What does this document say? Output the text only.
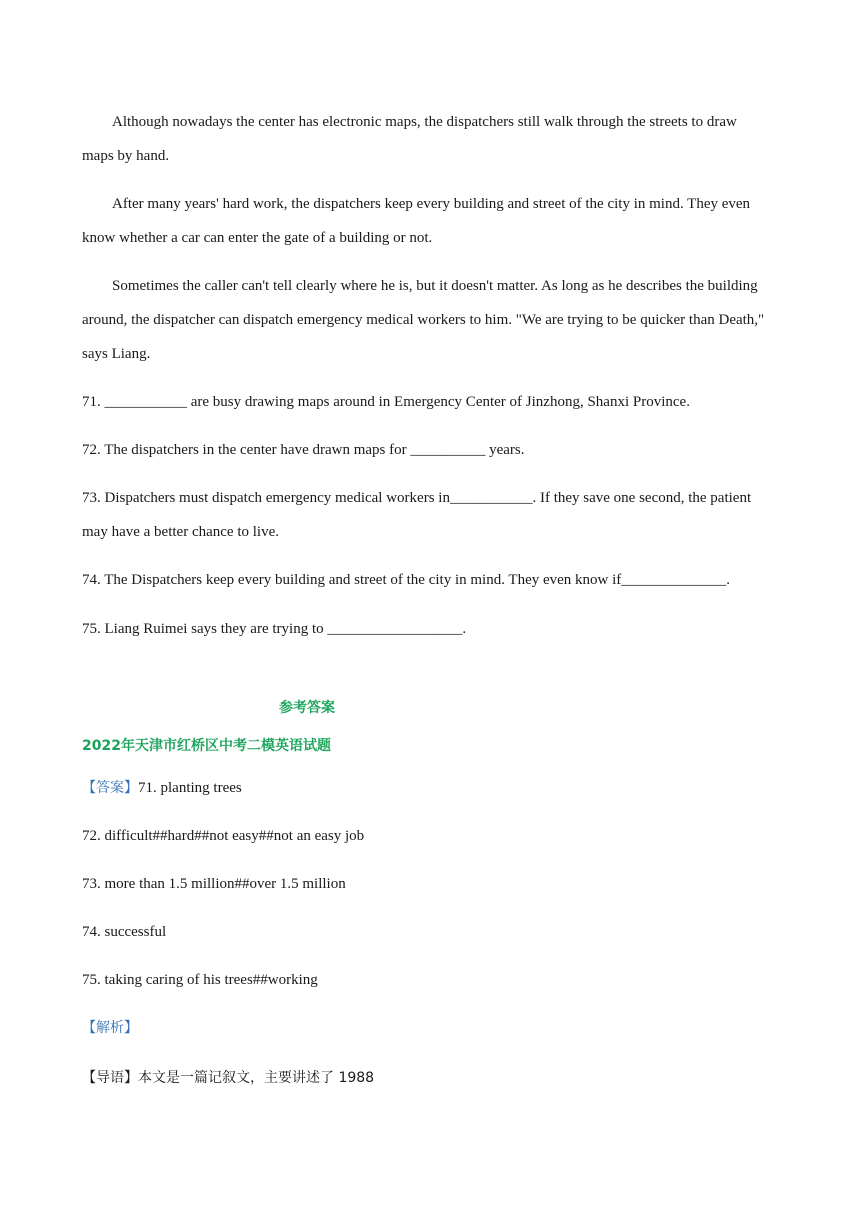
Although nowadays the center has electronic maps, the dispatchers still walk through the streets to draw maps by hand.

After many years' hard work, the dispatchers keep every building and street of the city in mind. They even know whether a car can enter the gate of a building or not.

Sometimes the caller can't tell clearly where he is, but it doesn't matter. As long as he describes the building around, the dispatcher can dispatch emergency medical workers to him. "We are trying to be quicker than Death," says Liang.

71. ___________ are busy drawing maps around in Emergency Center of Jinzhong, Shanxi Province.

72. The dispatchers in the center have drawn maps for __________ years.

73. Dispatchers must dispatch emergency medical workers in___________. If they save one second, the patient may have a better chance to live.

74. The Dispatchers keep every building and street of the city in mind. They even know if______________.

75. Liang Ruimei says they are trying to __________________.

参考答案

2022年天津市红桥区中考二模英语试题

【答案】71. planting trees

72. difficult##hard##not easy##not an easy job

73. more than 1.5 million##over 1.5 million

74. successful

75. taking caring of his trees##working

【解析】

【导语】本文是一篇记叙文，主要讲述了 1988
